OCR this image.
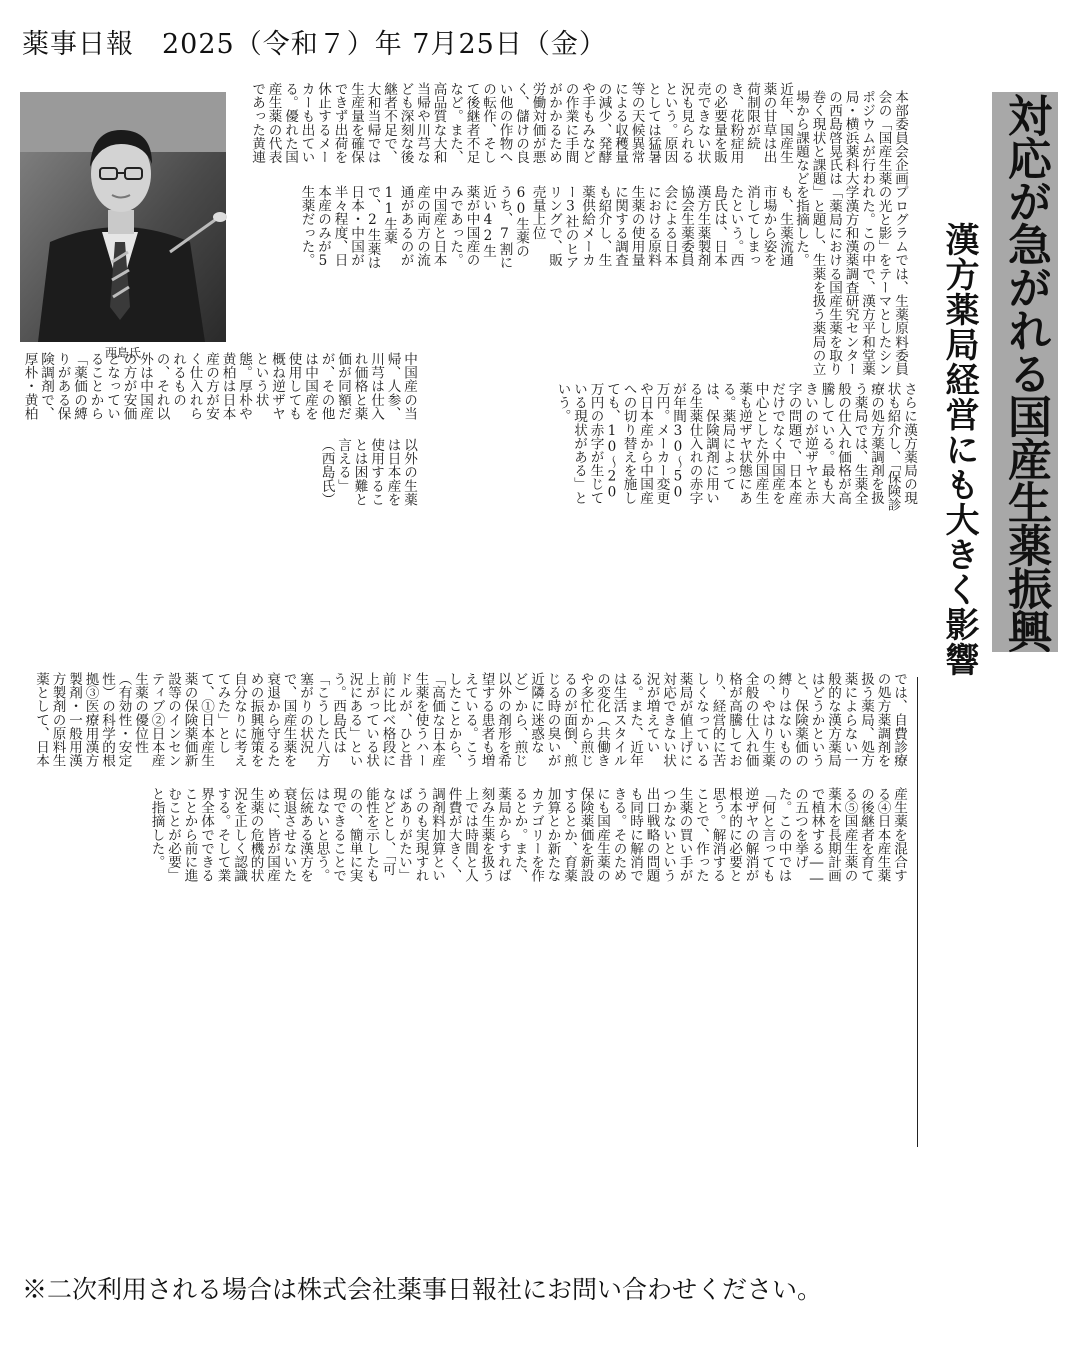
薬事日報　2025（令和７）年 7月25日（金）
対応が急がれる国産生薬振興
漢方薬局経営にも大きく影響
本部委員会企画プログラムでは、生薬原料委員会の「国産生薬の光と影」をテーマとしたシンポジウムが行われた。この中で、漢方平和堂薬局・横浜薬科大学漢方和漢薬調査研究センターの西島啓晃氏は「薬局における国産生薬を取り巻く現状と課題」と題し、生薬を扱う薬局の立場から課題などを指摘した。
近年、国産生薬の甘草は出荷制限が続き、花粉症用の必要量を販売できない状況も見られるという。原因としては猛暑等の天候異常による収穫量の減少、発酵や手もみなどの作業に手間がかかるため労働対価が悪く、儲けの良い他の作物への転作、そして後継者不足など。また、高品質な大和当帰や川芎なども深刻な後継者不足で、大和当帰では生産量を確保できず出荷を休止するメーカーも出ている。優れた国産生薬の代表であった黄連も、生薬流通市場から姿を消してしまったという。西島氏は、日本漢方生薬製剤協会生薬委員会による日本における原料生薬の使用量に関する調査も紹介し、生薬供給メーカー3社のヒアリングで、販売量上位60生薬のうち、7割に近い42生薬が中国産のみであった。中国産と日本産の両方の流通があるのが11生薬で、2生薬は日本・中国が半々程度、日本産のみが5生薬だった。
西島氏
さらに漢方薬局の現状も紹介し、「保険診療の処方薬調剤を扱う薬局では、生薬全般の仕入れ価格が高騰している。最も大きいのが逆ザヤと赤字の問題で、日本産だけでなく中国産を中心とした外国産生薬も逆ザヤ状態にある。薬局によっては、保険調剤に用いる生薬仕入れの赤字が年間30〜50万円。メーカー変更や日本産から中国産への切り替えを施しても、10〜20万円の赤字が生じている現状がある」という。
中国産の当帰、人参、川芎は仕入れ価格と薬価が同額だが、その他は中国産を使用しても概ね逆ザヤという状態。厚朴や黄柏は日本産の方が安く仕入れられるものの、それ以外は中国産の方が安価となっていることから「薬価の縛りがある保険調剤で、厚朴・黄柏以外の生薬は日本産を使用することは困難と言える」（西島氏）
では、自費診療の処方薬調剤を扱う薬局、処方薬によらない一般的な漢方薬局はどうかというと、保険薬価の縛りはないものの、やはり生薬全般の仕入れ価格が高騰しており、経営的に苦しくなっている薬局が値上げに対応できない状況が増えている。また、近年は生活スタイルの変化（共働きや多忙から煎じるのが面倒、煎じる時の臭いが近隣に迷惑など）から、煎じ以外の剤形を希望する患者も増えている。こうしたことから、「高価な日本産生薬を使うハードルが、ひと昔前に比べ格段に上がっている状況にある」という。西島氏は「こうした八方塞がりの状況で、国産生薬を衰退から守るための振興施策を自分なりに考えてみた」として、①日本産生薬の保険薬価新設等のインセンティブ②日本産生薬の優位性（有効性・安定性）の科学的根拠③医療用漢方製剤・一般用漢方製剤の原料生薬として、日本産生薬を混合する④日本産生薬の後継者を育てる⑤国産生薬の薬木を長期計画で植林する――の五つを挙げた。この中では「何と言っても逆ザヤの解消が根本的に必要と思う。解消することで、作った生薬の買い手がつかないという出口戦略の問題も同時に解消できる。そのためにも国産生薬の保険薬価を新設するとか、育薬加算とか新たなカテゴリーを作るとか。また、薬局からすれば刻み生薬を扱う上では時間と人件費が大きく、調剤料加算というのも実現すればありがたい」などとし、「可能性を示したものの、簡単に実現できることではないと思う。伝統ある漢方を衰退させないために、皆が国産生薬の危機的状況を正しく認識する。そして業界全体でできることから前に進むことが必要」と指摘した。
※二次利用される場合は株式会社薬事日報社にお問い合わせください。
